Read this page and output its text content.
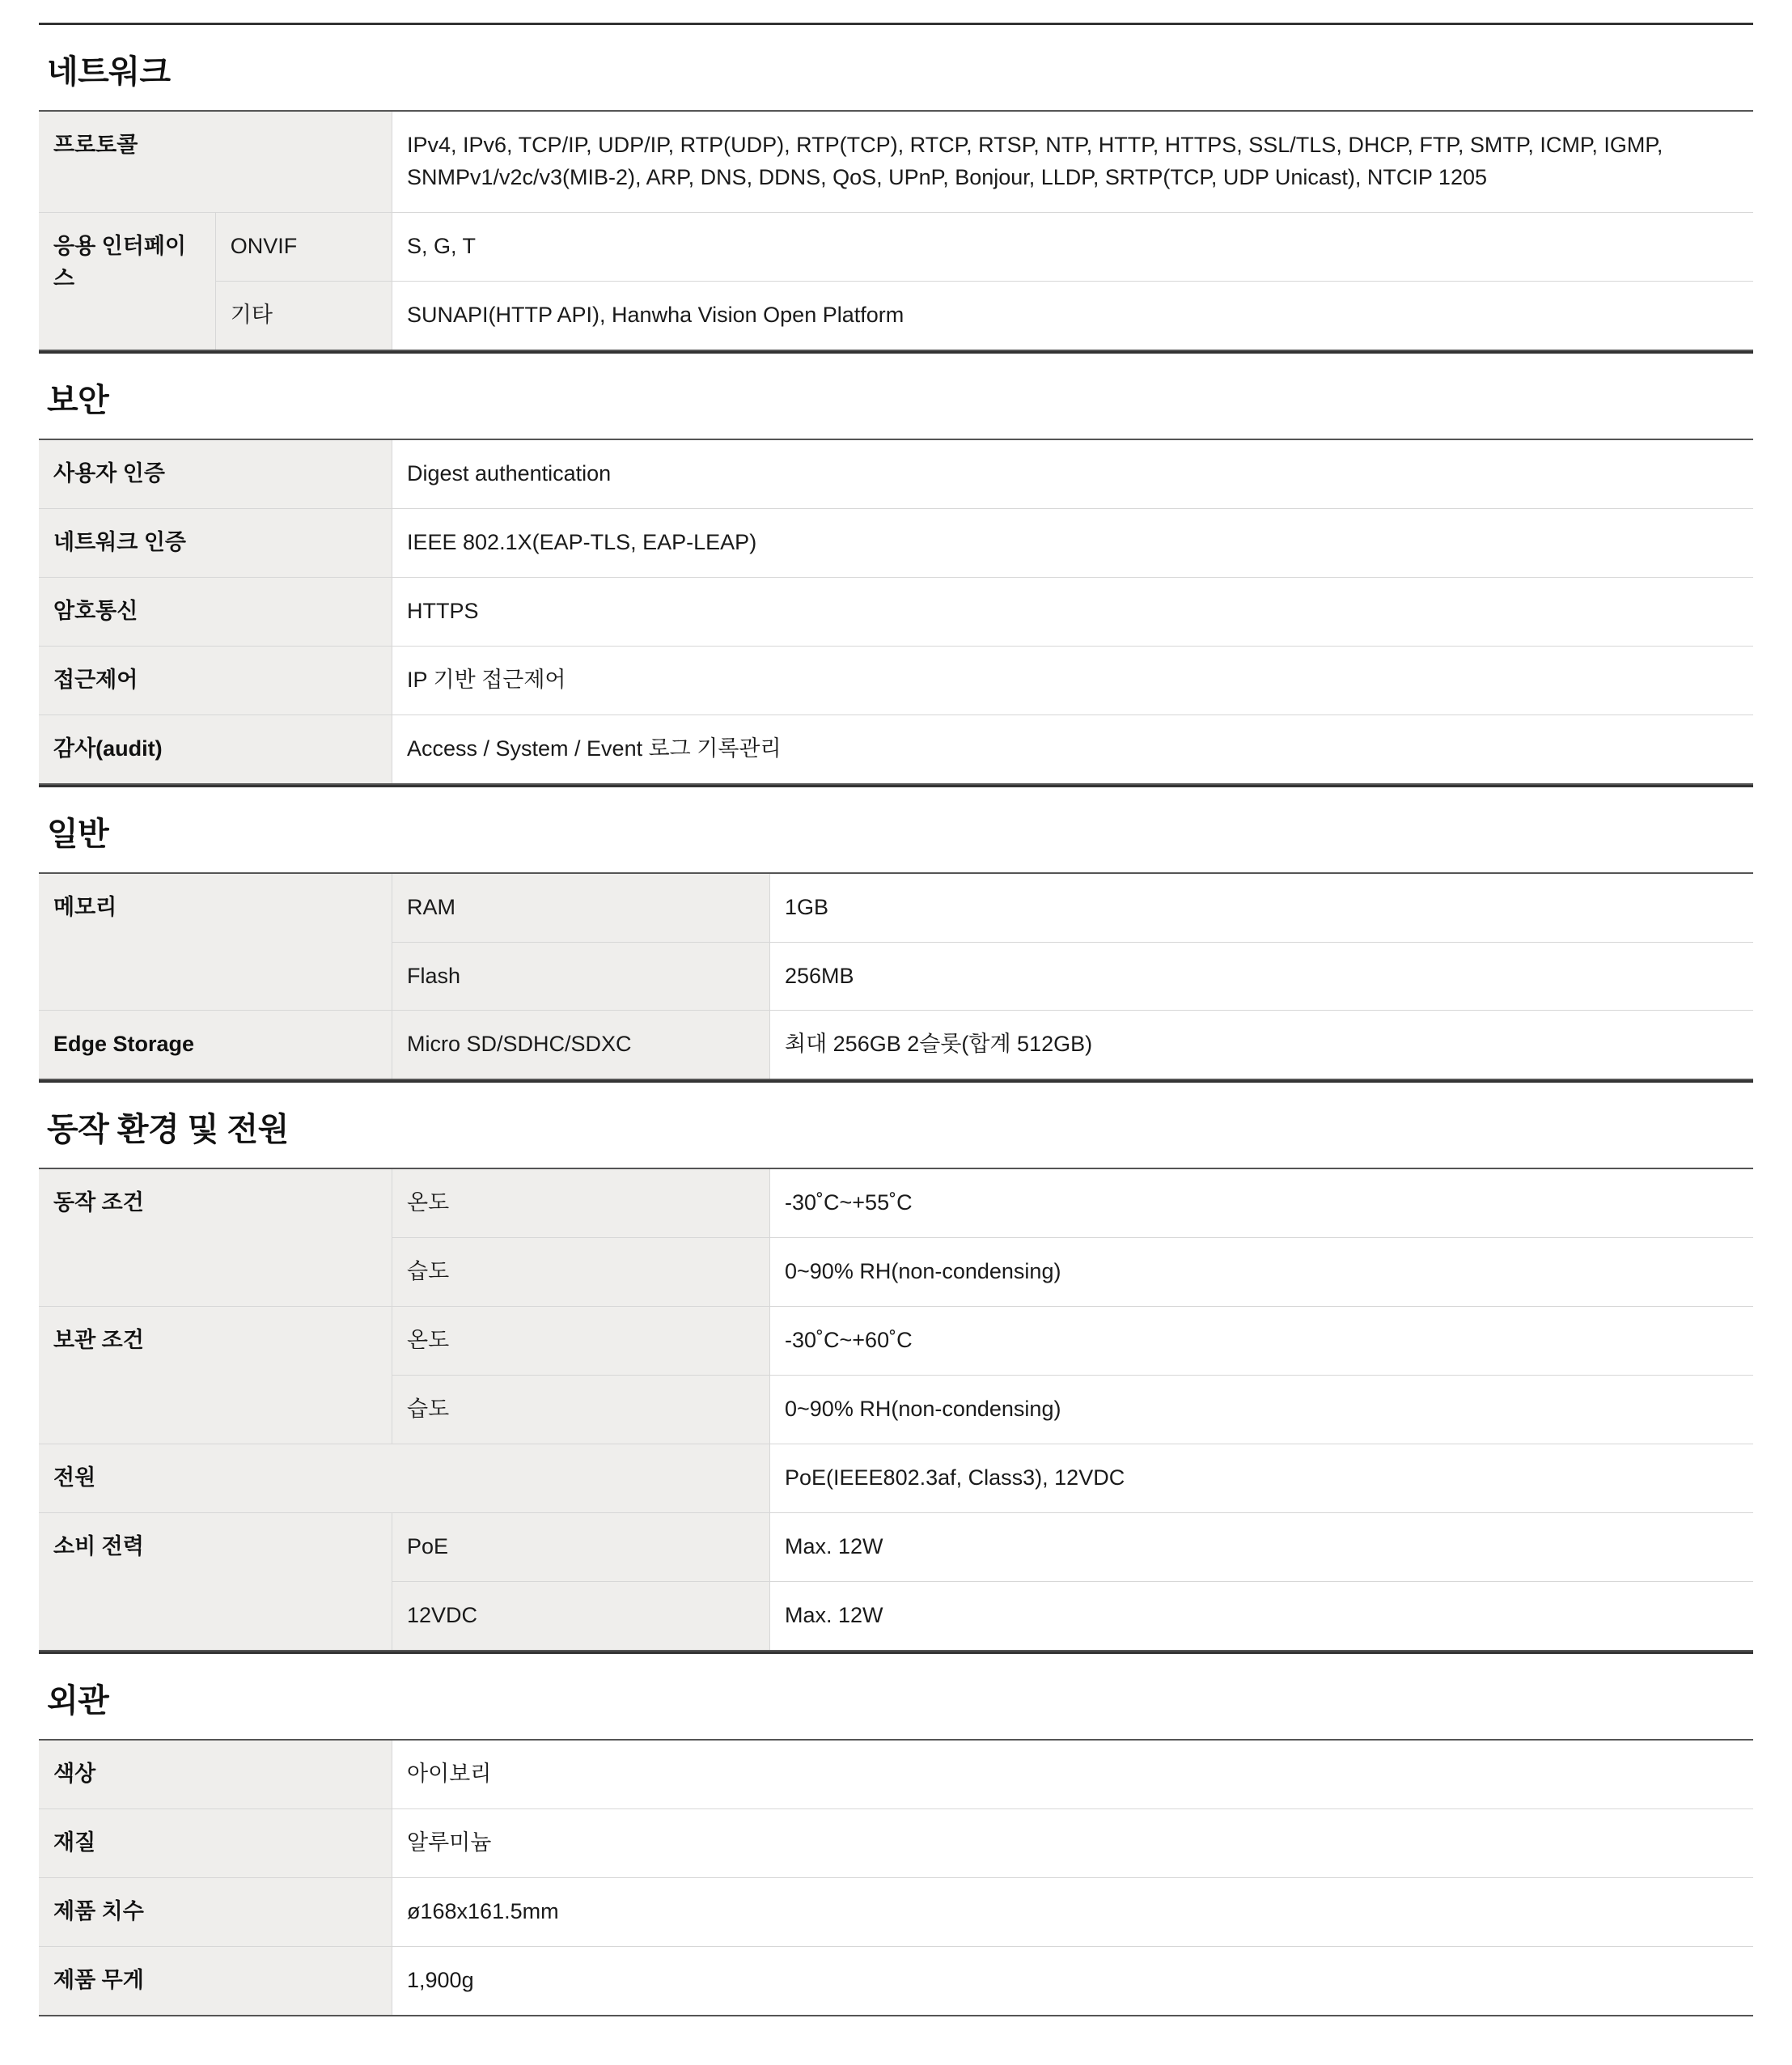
네트워크
프로토콜		IPv4, IPv6, TCP/IP, UDP/IP, RTP(UDP), RTP(TCP), RTCP, RTSP, NTP, HTTP, HTTPS, SSL/TLS, DHCP, FTP, SMTP, ICMP, IGMP, SNMPv1/v2c/v3(MIB-2), ARP, DNS, DDNS, QoS, UPnP, Bonjour, LLDP, SRTP(TCP, UDP Unicast), NTCIP 1205
응용 인터페이스	ONVIF	S, G, T
	기타	SUNAPI(HTTP API), Hanwha Vision Open Platform
보안
사용자 인증	Digest authentication
네트워크 인증	IEEE 802.1X(EAP-TLS, EAP-LEAP)
암호통신	HTTPS
접근제어	IP 기반 접근제어
감사(audit)	Access / System / Event 로그 기록관리
일반
메모리	RAM	1GB
	Flash	256MB
Edge Storage	Micro SD/SDHC/SDXC	최대 256GB 2슬롯(합계 512GB)
동작 환경 및 전원
동작 조건	온도	-30˚C~+55˚C
	습도	0~90% RH(non-condensing)
보관 조건	온도	-30˚C~+60˚C
	습도	0~90% RH(non-condensing)
전원		PoE(IEEE802.3af, Class3), 12VDC
소비 전력	PoE	Max. 12W
	12VDC	Max. 12W
외관
색상	아이보리
재질	알루미늄
제품 치수	ø168x161.5mm
제품 무게	1,900g
